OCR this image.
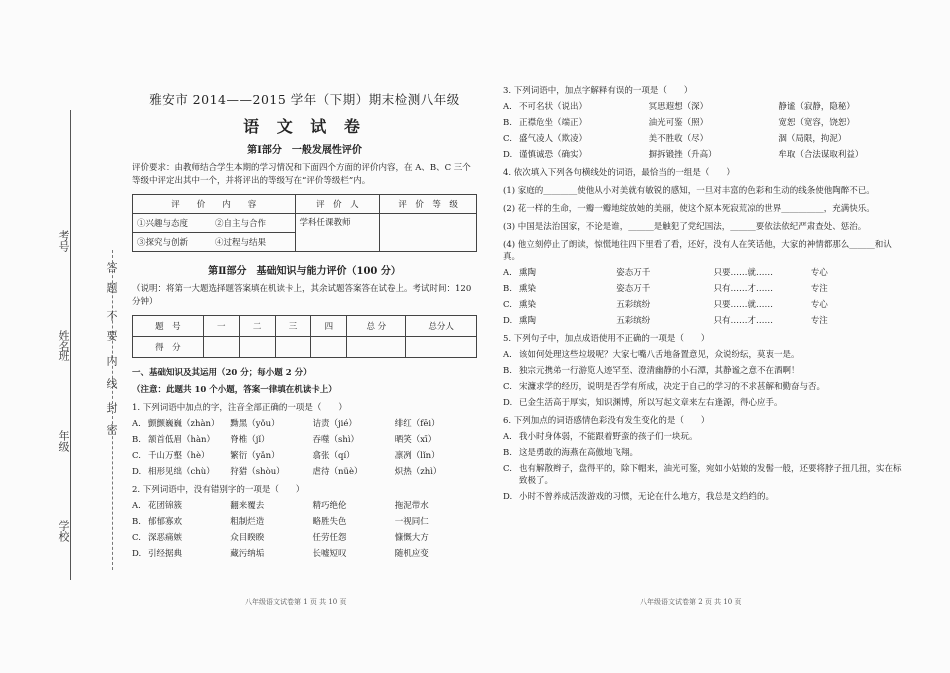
考号
姓名
班
年级
学校
答
题
不
要
内
线
封
密
雅安市 2014——2015 学年（下期）期末检测八年级
语 文 试 卷
第Ⅰ部分　一般发展性评价

评价要求：由教师结合学生本期的学习情况和下面四个方面的评价内容，在 A、B、C 三个等级中评定出其中一个，并将评出的等级写在“评价等级栏”内。

评　　价　　内　　容		评　价　人	评　价　等　级
①兴趣与态度	②自主与合作	学科任课教师	
③探究与创新	④过程与结果		
第Ⅱ部分　基础知识与能力评价（100 分）

（说明：将第一大题选择题答案填在机读卡上，其余试题答案答在试卷上。考试时间：120 分钟）

题　号	一	二	三	四	总 分	总分人
得　分						
一、基础知识及其运用（20 分；每小题 2 分）
（注意：此题共 10 个小题，答案一律填在机读卡上）
1. 下列词语中加点的字，注音全部正确的一项是（　　）
A. 颤颤巍巍（zhàn）	黝黑（yǒu）	诘责（jié）	绯红（fēi）
B. 颔首低眉（hàn）	脊椎（jǐ）	吞噬（shì）	晒笑（xī）
C. 千山万壑（hè）	繁衍（yǎn）	翕张（qí）	凛冽（lǐn）
D. 相形见绌（chù）	狩猎（shòu）	虐待（nüè）	炽热（zhì）
2. 下列词语中，没有错别字的一项是（　　）
A. 花团锦簇	翻来覆去	精巧绝伦	拖泥带水
B. 郁郁寡欢	粗制烂造	略胜失色	一视同仁
C. 深恶痛嫉	众目睽睽	任劳任怨	慷慨大方
D. 引经据典	藏污纳垢	长嘘短叹	随机应变
八年级语文试卷第 1 页 共 10 页
3. 下列词语中，加点字解释有误的一项是（　　）
A. 不可名状（说出）	冥思遐想（深）	静谧（寂静，隐秘）
B. 正襟危坐（端正）	油光可鉴（照）	宽恕（宽容，饶恕）
C. 盛气凌人（欺凌）	美不胜收（尽）	涸（局限，拘泥）
D. 谨慎诚恐（确实）	摒拆锻挫（升高）	牟取（合法谋取利益）
4. 依次填入下列各句横线处的词语，最恰当的一组是（　　）
(1) 家庭的________使他从小对美就有敏锐的感知，一旦对丰富的色彩和生动的线条使他陶醉不已。
(2) 花一样的生命，一瓣一瓣地绽放她的美丽，使这个原本死寂荒凉的世界__________，充满快乐。
(3) 中国是法治国家，不论是谁，______是触犯了党纪国法，______要依法依纪严肃查处、惩治。
(4) 他立刻停止了朗读，惊慌地往四下里看了看，还好，没有人在笑话他，大家的神情都那么______和认真。
A. 熏陶	姿态万千	只要……就……	专心
B. 熏染	姿态万千	只有……才……	专注
C. 熏染	五彩缤纷	只要……就……	专心
D. 熏陶	五彩缤纷	只有……才……	专注
5. 下列句子中，加点成语使用不正确的一项是（　　）
A. 该如何处理这些垃圾呢？大家七嘴八舌地备置意见，众说纷纭，莫衷一是。
B. 独宗元携弟一行游览人迹罕至、澄清幽静的小石潭，其静谧之意不在酒啊！
C. 宋濂求学的经历，说明是否学有所成，决定于自己的学习的不求甚解和勤奋与否。
D. 已金生活高于厚实，知识渊博，所以写起文章来左右逢源，得心应手。
6. 下列加点的词语感情色彩没有发生变化的是（　　）
A. 我小时身体弱，不能跟着野蛮的孩子们一块玩。
B. 这是勇敢的海燕在高傲地飞翔。
C. 也有解散辫子，盘得平的，除下帽来，油光可鉴，宛如小姑娘的发髻一般，还要将脖子扭几扭，实在标致极了。
D. 小时不曾养成活泼游戏的习惯，无论在什么地方，我总是文绉绉的。
八年级语文试卷第 2 页 共 10 页
